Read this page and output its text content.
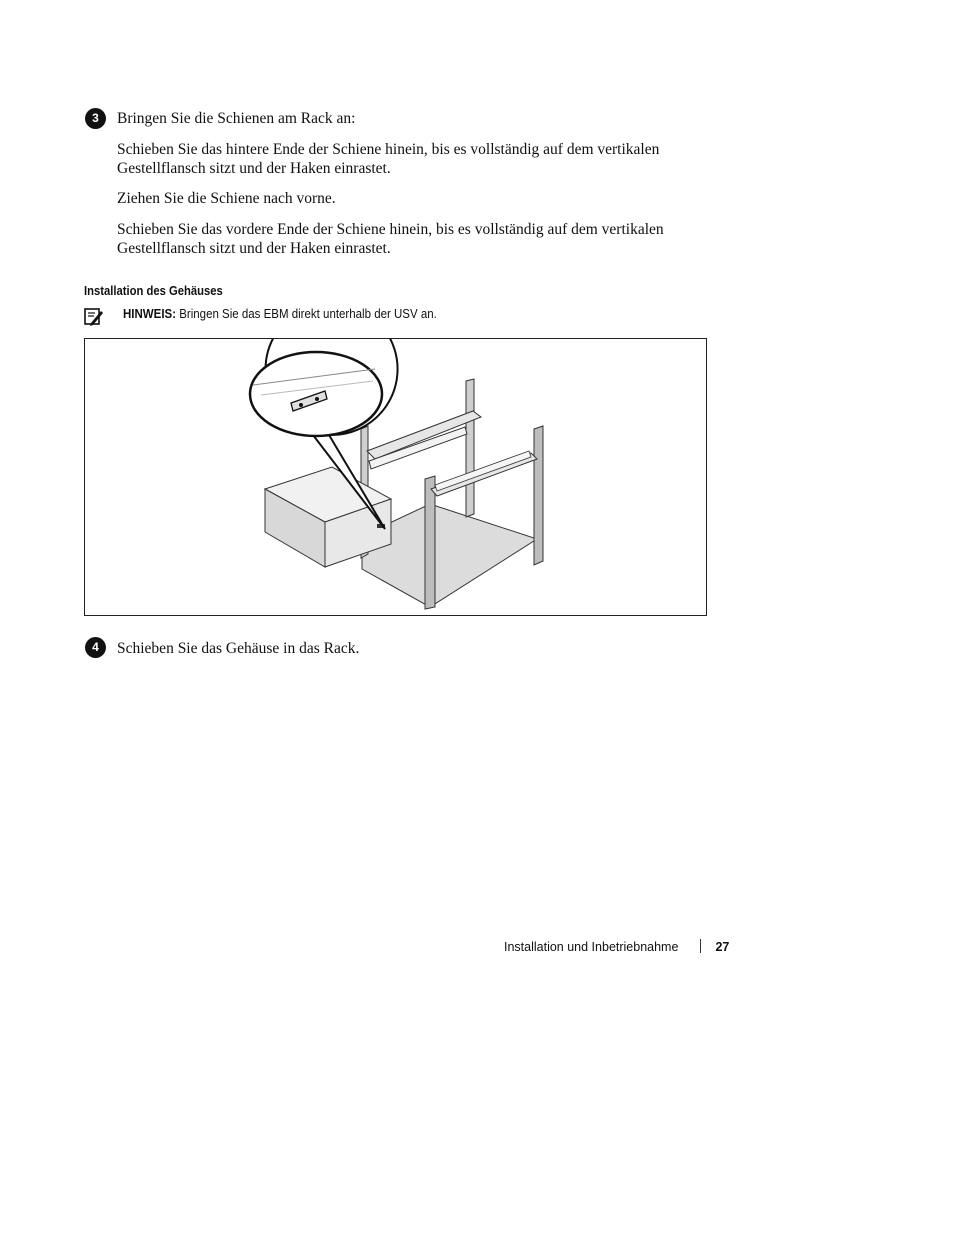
3	Bringen Sie die Schienen am Rack an:

Schieben Sie das hintere Ende der Schiene hinein, bis es vollständig auf dem vertikalen Gestellflansch sitzt und der Haken einrastet.

Ziehen Sie die Schiene nach vorne.

Schieben Sie das vordere Ende der Schiene hinein, bis es vollständig auf dem vertikalen Gestellflansch sitzt und der Haken einrastet.

Installation des Gehäuses
HINWEIS: Bringen Sie das EBM direkt unterhalb der USV an.
4	Schieben Sie das Gehäuse in das Rack.

Installation und Inbetriebnahme	27
